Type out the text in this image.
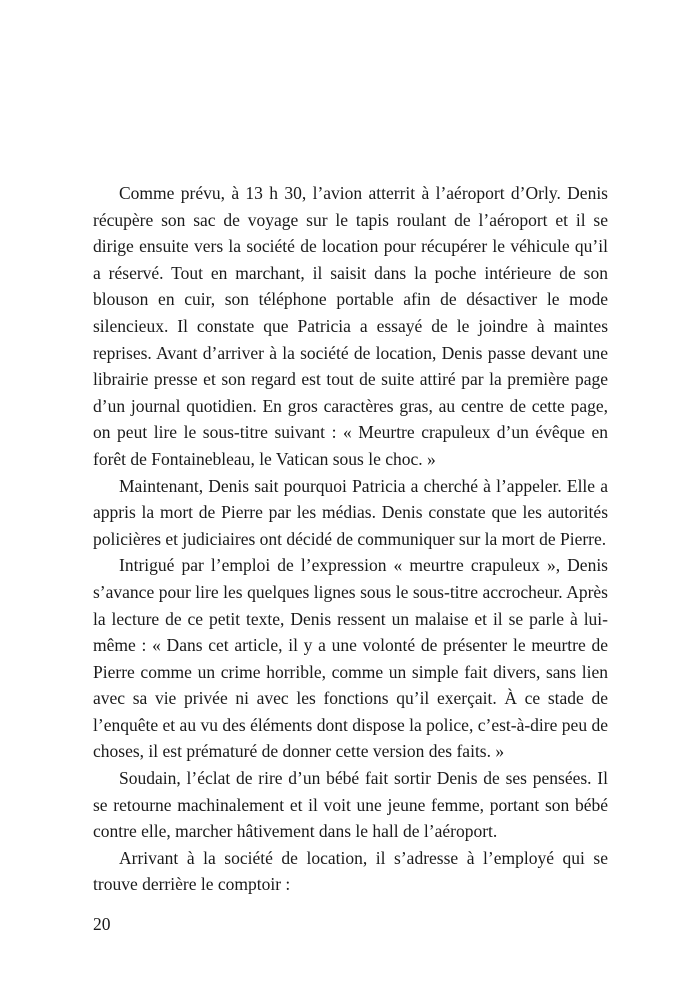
Comme prévu, à 13 h 30, l’avion atterrit à l’aéroport d’Orly. Denis récupère son sac de voyage sur le tapis roulant de l’aéroport et il se dirige ensuite vers la société de location pour récupérer le véhicule qu’il a réservé. Tout en marchant, il saisit dans la poche intérieure de son blouson en cuir, son téléphone portable afin de désactiver le mode silencieux. Il constate que Patricia a essayé de le joindre à maintes reprises. Avant d’arriver à la société de location, Denis passe devant une librairie presse et son regard est tout de suite attiré par la première page d’un journal quotidien. En gros caractères gras, au centre de cette page, on peut lire le sous-titre suivant : « Meurtre crapuleux d’un évêque en forêt de Fontainebleau, le Vatican sous le choc. »

Maintenant, Denis sait pourquoi Patricia a cherché à l’appeler. Elle a appris la mort de Pierre par les médias. Denis constate que les autorités policières et judiciaires ont décidé de communiquer sur la mort de Pierre.

Intrigué par l’emploi de l’expression « meurtre crapuleux », Denis s’avance pour lire les quelques lignes sous le sous-titre accrocheur. Après la lecture de ce petit texte, Denis ressent un malaise et il se parle à lui-même : « Dans cet article, il y a une volonté de présenter le meurtre de Pierre comme un crime horrible, comme un simple fait divers, sans lien avec sa vie privée ni avec les fonctions qu’il exerçait. À ce stade de l’enquête et au vu des éléments dont dispose la police, c’est-à-dire peu de choses, il est prématuré de donner cette version des faits. »

Soudain, l’éclat de rire d’un bébé fait sortir Denis de ses pensées. Il se retourne machinalement et il voit une jeune femme, portant son bébé contre elle, marcher hâtivement dans le hall de l’aéroport.

Arrivant à la société de location, il s’adresse à l’employé qui se trouve derrière le comptoir :

20
